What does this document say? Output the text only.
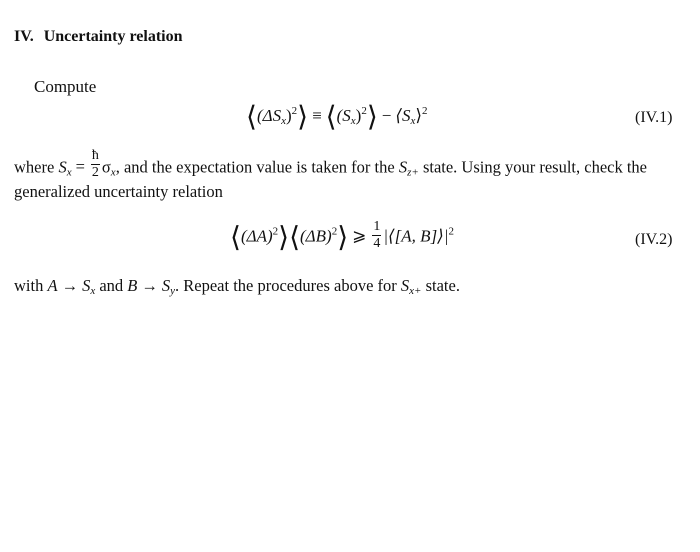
IV. Uncertainty relation
Compute
$⟨(\Delta S_x)^2⟩$ ≡ $⟨(S_x)^2⟩$ − $⟨S_x⟩^2$	(IV.1)
where $S_x = \frac{ħ}{2} \sigma_x$, and the expectation value is taken for the $S_{z+}$ state. Using your result, check the
generalized uncertainty relation
$⟨(\Delta A)^2⟩⟨(\Delta B)^2⟩$ ⩾ $\frac{1}{4}$ |⟨[A, $B]⟩|^2$	(IV.2)
with $A \to S_x$ and $B \to S_y$. Repeat the procedures above for $S_{x+}$ state.
